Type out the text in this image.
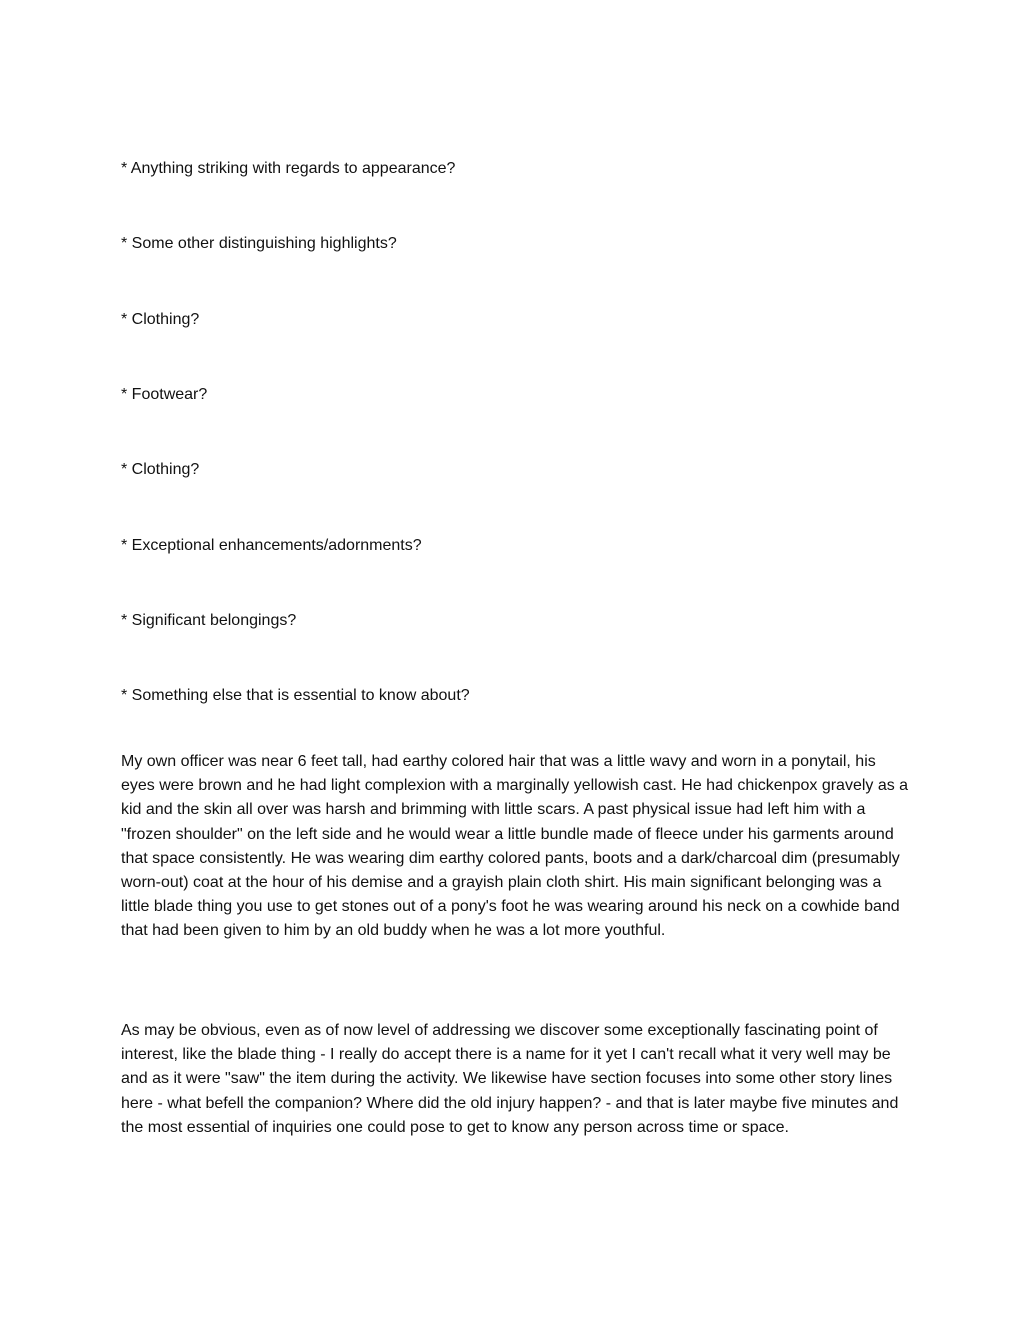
* Anything striking with regards to appearance?
* Some other distinguishing highlights?
* Clothing?
* Footwear?
* Clothing?
* Exceptional enhancements/adornments?
* Significant belongings?
* Something else that is essential to know about?

My own officer was near 6 feet tall, had earthy colored hair that was a little wavy and worn in a ponytail, his eyes were brown and he had light complexion with a marginally yellowish cast. He had chickenpox gravely as a kid and the skin all over was harsh and brimming with little scars. A past physical issue had left him with a "frozen shoulder" on the left side and he would wear a little bundle made of fleece under his garments around that space consistently. He was wearing dim earthy colored pants, boots and a dark/charcoal dim (presumably worn-out) coat at the hour of his demise and a grayish plain cloth shirt. His main significant belonging was a little blade thing you use to get stones out of a pony's foot he was wearing around his neck on a cowhide band that had been given to him by an old buddy when he was a lot more youthful.

As may be obvious, even as of now level of addressing we discover some exceptionally fascinating point of interest, like the blade thing - I really do accept there is a name for it yet I can't recall what it very well may be and as it were "saw" the item during the activity. We likewise have section focuses into some other story lines here - what befell the companion? Where did the old injury happen? - and that is later maybe five minutes and the most essential of inquiries one could pose to get to know any person across time or space.
